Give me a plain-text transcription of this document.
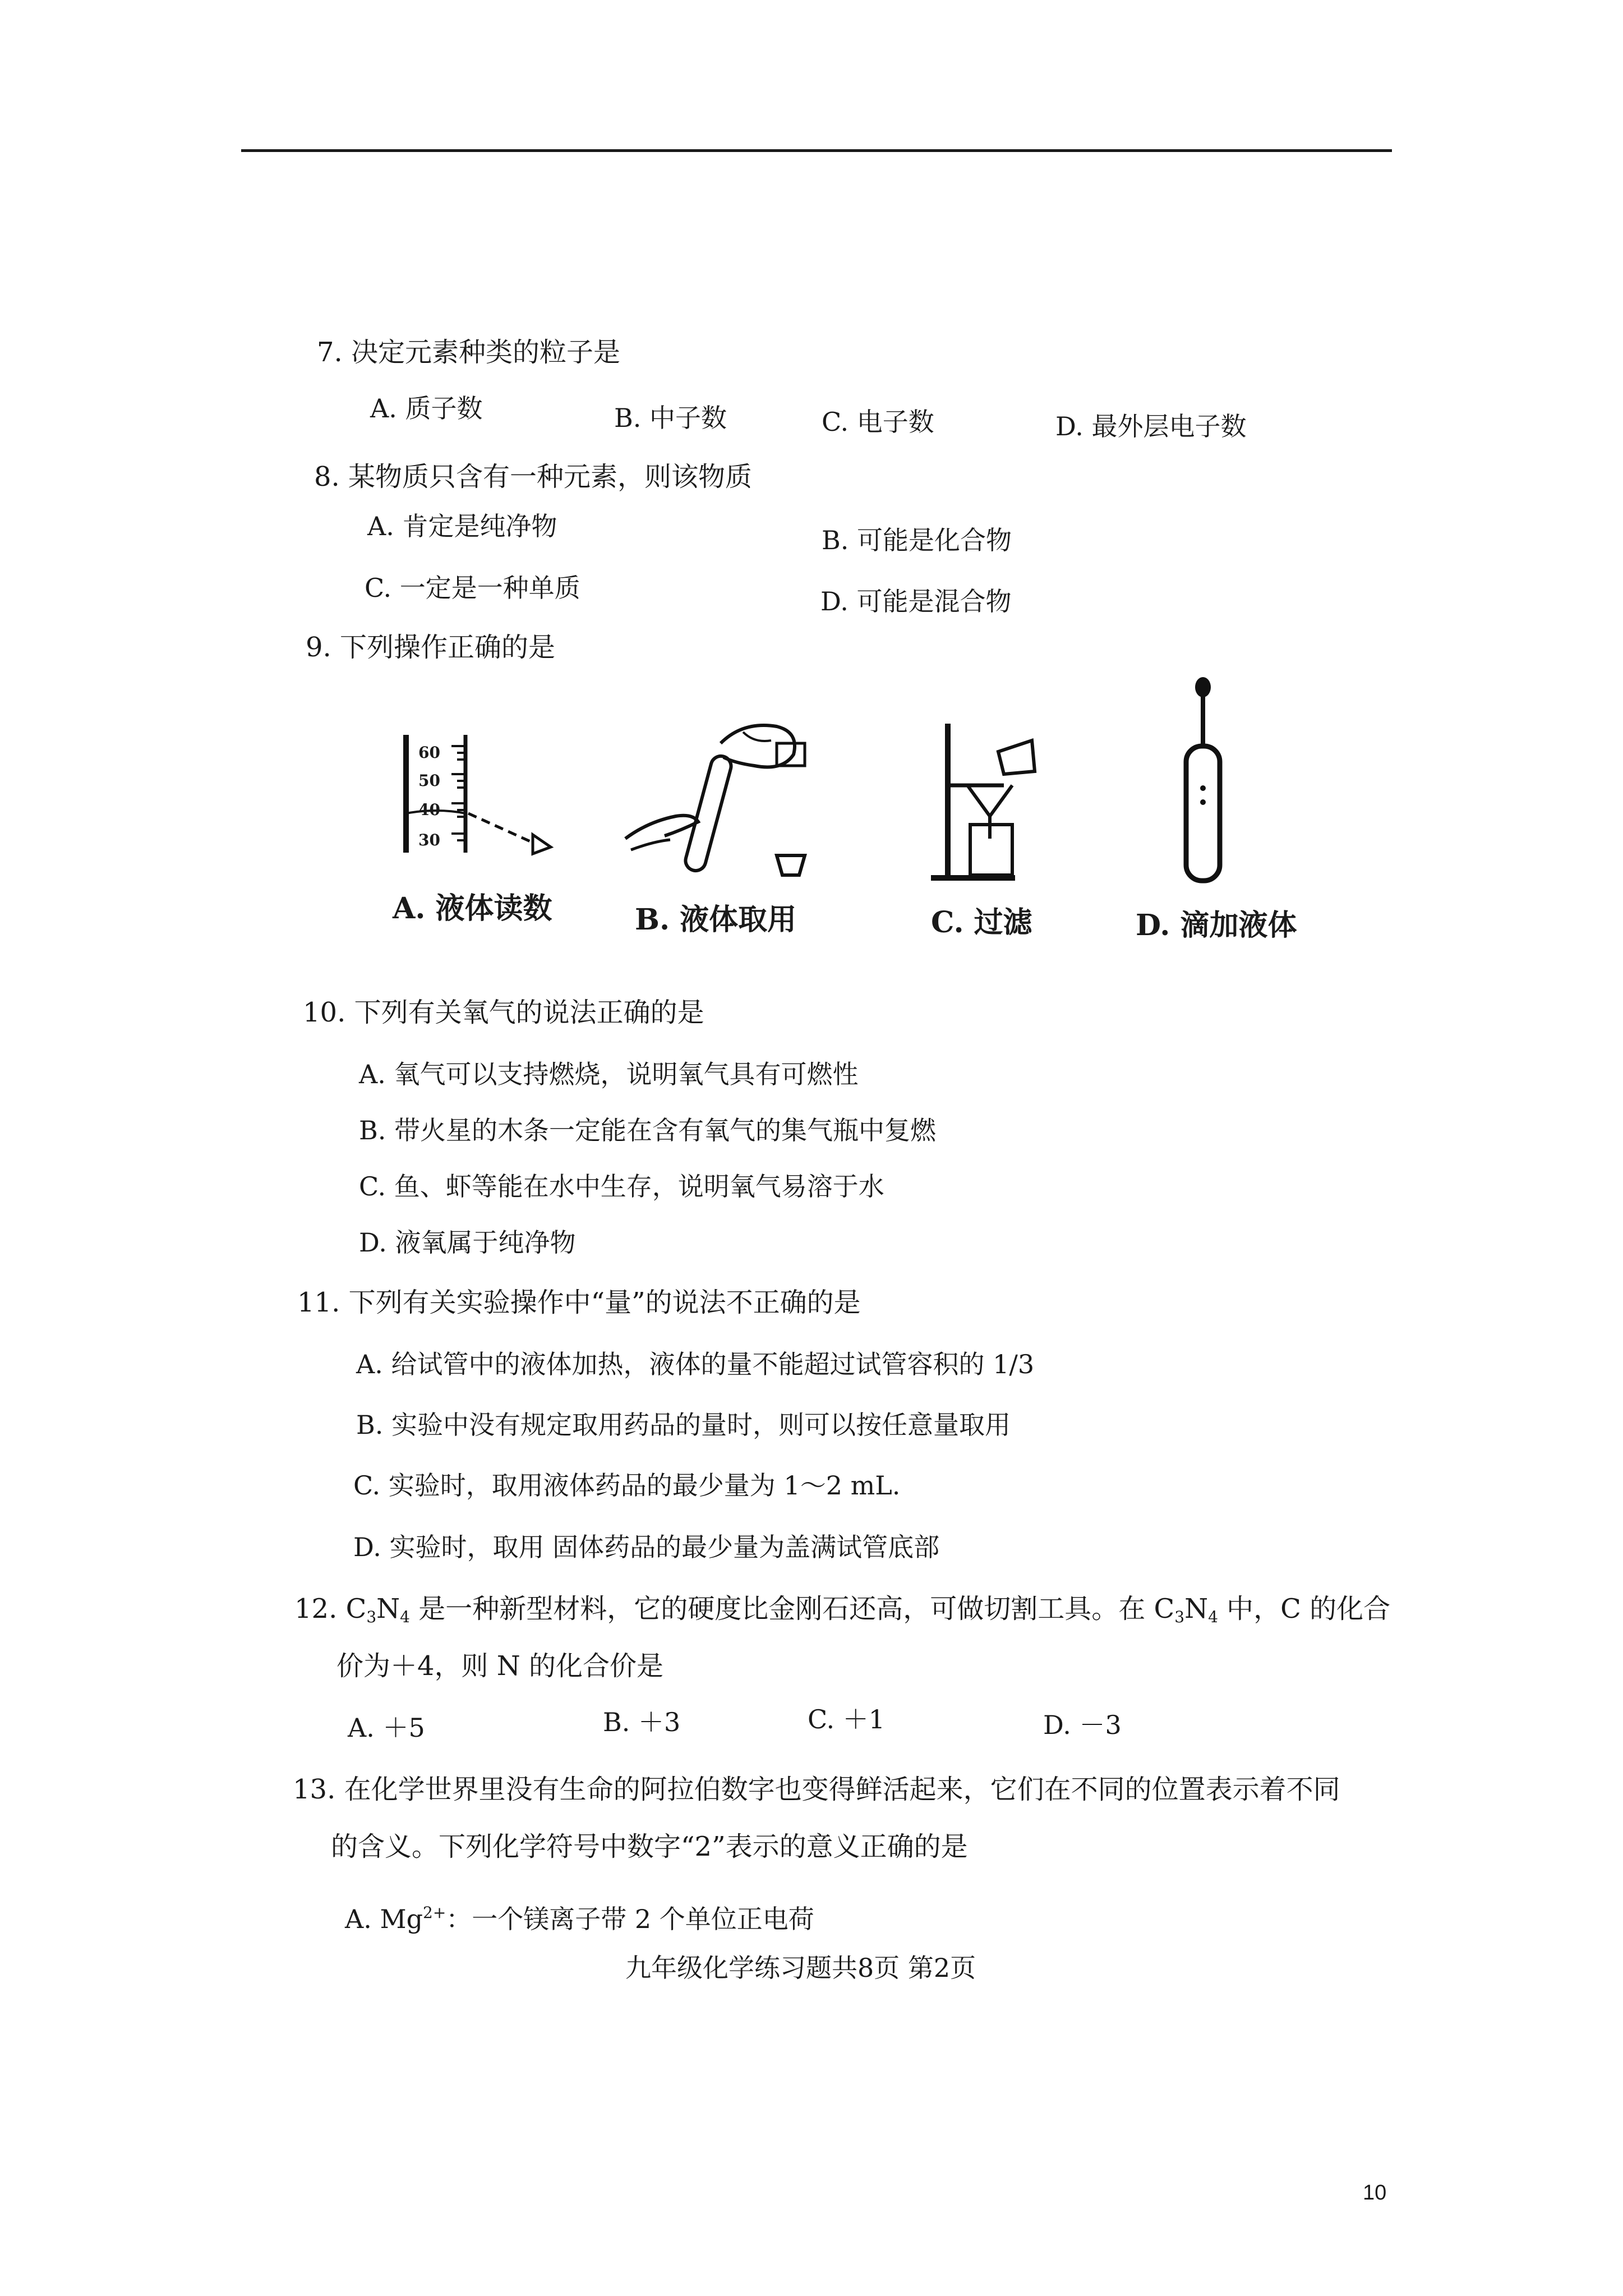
7. 决定元素种类的粒子是
A. 质子数	B. 中子数	C. 电子数	D. 最外层电子数
8. 某物质只含有一种元素，则该物质
A. 肯定是纯净物	B. 可能是化合物
C. 一定是一种单质	D. 可能是混合物
9. 下列操作正确的是
60
50
40
30
A. 液体读数	B. 液体取用	C. 过滤	D. 滴加液体
10. 下列有关氧气的说法正确的是
A. 氧气可以支持燃烧，说明氧气具有可燃性
B. 带火星的木条一定能在含有氧气的集气瓶中复燃
C. 鱼、虾等能在水中生存，说明氧气易溶于水
D. 液氧属于纯净物
11. 下列有关实验操作中“量”的说法不正确的是
A. 给试管中的液体加热，液体的量不能超过试管容积的 1/3
B. 实验中没有规定取用药品的量时，则可以按任意量取用
C. 实验时，取用液体药品的最少量为 1～2 mL.
D. 实验时，取用 固体药品的最少量为盖满试管底部
12. $C_3N_4$ 是一种新型材料，它的硬度比金刚石还高，可做切割工具。在 $C_3N_4$ 中，C 的化合
价为＋4，则 N 的化合价是
A. ＋5	B. ＋3	C. ＋1	D. －3
13. 在化学世界里没有生命的阿拉伯数字也变得鲜活起来，它们在不同的位置表示着不同
的含义。下列化学符号中数字“2”表示的意义正确的是
A. $Mg^{2+}$：一个镁离子带 2 个单位正电荷
九年级化学练习题共8页 第2页
10
